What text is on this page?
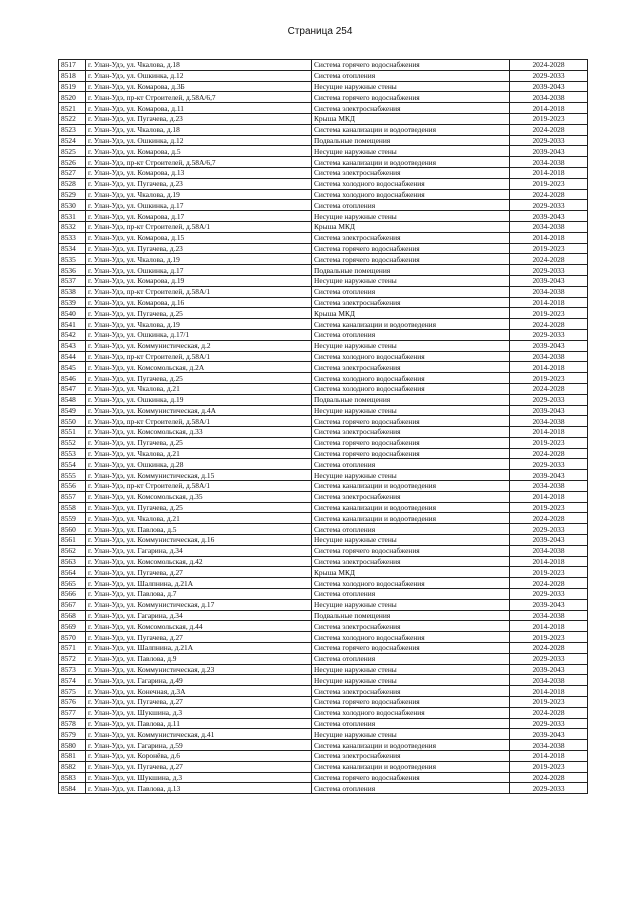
Страница 254
8517	г. Улан-Удэ, ул. Чкалова, д.18	Система горячего водоснабжения	2024-2028
8518	г. Улан-Удэ, ул. Ошкинка, д.12	Система отопления	2029-2033
8519	г. Улан-Удэ, ул. Комарова, д.3Б	Несущие наружные стены	2039-2043
8520	г. Улан-Удэ, пр-кт Строителей, д.58А/6,7	Система горячего водоснабжения	2034-2038
8521	г. Улан-Удэ, ул. Комарова, д.11	Система электроснабжения	2014-2018
8522	г. Улан-Удэ, ул. Пугачева, д.23	Крыша МКД	2019-2023
8523	г. Улан-Удэ, ул. Чкалова, д.18	Система канализации и водоотведения	2024-2028
8524	г. Улан-Удэ, ул. Ошкинка, д.12	Подвальные помещения	2029-2033
8525	г. Улан-Удэ, ул. Комарова, д.5	Несущие наружные стены	2039-2043
8526	г. Улан-Удэ, пр-кт Строителей, д.58А/6,7	Система канализации и водоотведения	2034-2038
8527	г. Улан-Удэ, ул. Комарова, д.13	Система электроснабжения	2014-2018
8528	г. Улан-Удэ, ул. Пугачева, д.23	Система холодного водоснабжения	2019-2023
8529	г. Улан-Удэ, ул. Чкалова, д.19	Система холодного водоснабжения	2024-2028
8530	г. Улан-Удэ, ул. Ошкинка, д.17	Система отопления	2029-2033
8531	г. Улан-Удэ, ул. Комарова, д.17	Несущие наружные стены	2039-2043
8532	г. Улан-Удэ, пр-кт Строителей, д.58А/1	Крыша МКД	2034-2038
8533	г. Улан-Удэ, ул. Комарова, д.15	Система электроснабжения	2014-2018
8534	г. Улан-Удэ, ул. Пугачева, д.23	Система горячего водоснабжения	2019-2023
8535	г. Улан-Удэ, ул. Чкалова, д.19	Система горячего водоснабжения	2024-2028
8536	г. Улан-Удэ, ул. Ошкинка, д.17	Подвальные помещения	2029-2033
8537	г. Улан-Удэ, ул. Комарова, д.19	Несущие наружные стены	2039-2043
8538	г. Улан-Удэ, пр-кт Строителей, д.58А/1	Система отопления	2034-2038
8539	г. Улан-Удэ, ул. Комарова, д.16	Система электроснабжения	2014-2018
8540	г. Улан-Удэ, ул. Пугачева, д.25	Крыша МКД	2019-2023
8541	г. Улан-Удэ, ул. Чкалова, д.19	Система канализации и водоотведения	2024-2028
8542	г. Улан-Удэ, ул. Ошкинка, д.17/1	Система отопления	2029-2033
8543	г. Улан-Удэ, ул. Коммунистическая, д.2	Несущие наружные стены	2039-2043
8544	г. Улан-Удэ, пр-кт Строителей, д.58А/1	Система холодного водоснабжения	2034-2038
8545	г. Улан-Удэ, ул. Комсомольская, д.2А	Система электроснабжения	2014-2018
8546	г. Улан-Удэ, ул. Пугачева, д.25	Система холодного водоснабжения	2019-2023
8547	г. Улан-Удэ, ул. Чкалова, д.21	Система холодного водоснабжения	2024-2028
8548	г. Улан-Удэ, ул. Ошкинка, д.19	Подвальные помещения	2029-2033
8549	г. Улан-Удэ, ул. Коммунистическая, д.4А	Несущие наружные стены	2039-2043
8550	г. Улан-Удэ, пр-кт Строителей, д.58А/1	Система горячего водоснабжения	2034-2038
8551	г. Улан-Удэ, ул. Комсомольская, д.33	Система электроснабжения	2014-2018
8552	г. Улан-Удэ, ул. Пугачева, д.25	Система горячего водоснабжения	2019-2023
8553	г. Улан-Удэ, ул. Чкалова, д.21	Система горячего водоснабжения	2024-2028
8554	г. Улан-Удэ, ул. Ошкинка, д.28	Система отопления	2029-2033
8555	г. Улан-Удэ, ул. Коммунистическая, д.15	Несущие наружные стены	2039-2043
8556	г. Улан-Удэ, пр-кт Строителей, д.58А/1	Система канализации и водоотведения	2034-2038
8557	г. Улан-Удэ, ул. Комсомольская, д.35	Система электроснабжения	2014-2018
8558	г. Улан-Удэ, ул. Пугачева, д.25	Система канализации и водоотведения	2019-2023
8559	г. Улан-Удэ, ул. Чкалова, д.21	Система канализации и водоотведения	2024-2028
8560	г. Улан-Удэ, ул. Павлова, д.5	Система отопления	2029-2033
8561	г. Улан-Удэ, ул. Коммунистическая, д.16	Несущие наружные стены	2039-2043
8562	г. Улан-Удэ, ул. Гагарина, д.34	Система горячего водоснабжения	2034-2038
8563	г. Улан-Удэ, ул. Комсомольская, д.42	Система электроснабжения	2014-2018
8564	г. Улан-Удэ, ул. Пугачева, д.27	Крыша МКД	2019-2023
8565	г. Улан-Удэ, ул. Шалпнина, д.21А	Система холодного водоснабжения	2024-2028
8566	г. Улан-Удэ, ул. Павлова, д.7	Система отопления	2029-2033
8567	г. Улан-Удэ, ул. Коммунистическая, д.17	Несущие наружные стены	2039-2043
8568	г. Улан-Удэ, ул. Гагарина, д.34	Подвальные помещения	2034-2038
8569	г. Улан-Удэ, ул. Комсомольская, д.44	Система электроснабжения	2014-2018
8570	г. Улан-Удэ, ул. Пугачева, д.27	Система холодного водоснабжения	2019-2023
8571	г. Улан-Удэ, ул. Шалпнина, д.21А	Система горячего водоснабжения	2024-2028
8572	г. Улан-Удэ, ул. Павлова, д.9	Система отопления	2029-2033
8573	г. Улан-Удэ, ул. Коммунистическая, д.23	Несущие наружные стены	2039-2043
8574	г. Улан-Удэ, ул. Гагарина, д.49	Несущие наружные стены	2034-2038
8575	г. Улан-Удэ, ул. Конечная, д.3А	Система электроснабжения	2014-2018
8576	г. Улан-Удэ, ул. Пугачева, д.27	Система горячего водоснабжения	2019-2023
8577	г. Улан-Удэ, ул. Шукшина, д.3	Система холодного водоснабжения	2024-2028
8578	г. Улан-Удэ, ул. Павлова, д.11	Система отопления	2029-2033
8579	г. Улан-Удэ, ул. Коммунистическая, д.41	Несущие наружные стены	2039-2043
8580	г. Улан-Удэ, ул. Гагарина, д.59	Система канализации и водоотведения	2034-2038
8581	г. Улан-Удэ, ул. Коронёва, д.6	Система электроснабжения	2014-2018
8582	г. Улан-Удэ, ул. Пугачева, д.27	Система канализации и водоотведения	2019-2023
8583	г. Улан-Удэ, ул. Шукшина, д.3	Система горячего водоснабжения	2024-2028
8584	г. Улан-Удэ, ул. Павлова, д.13	Система отопления	2029-2033
